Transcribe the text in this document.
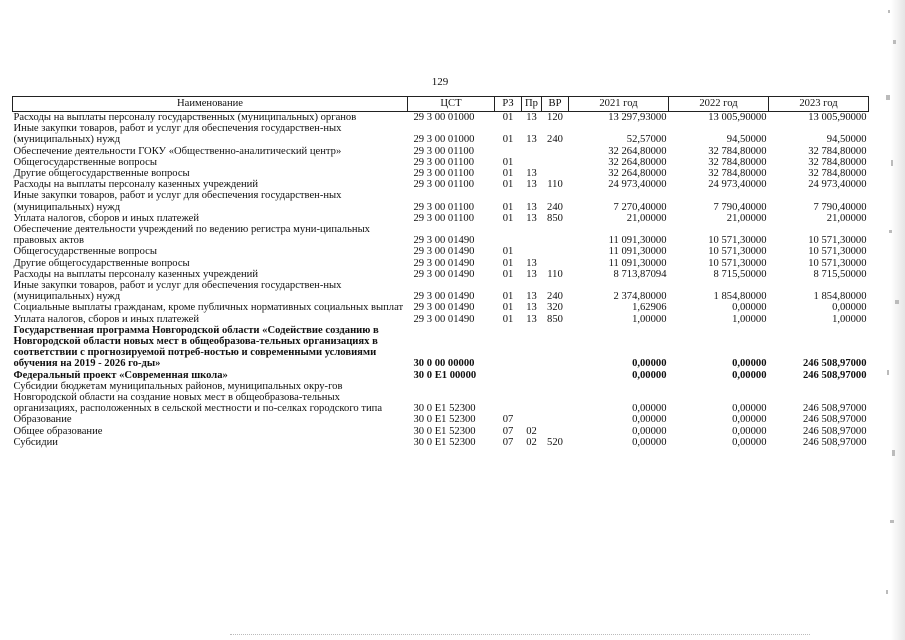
129
Наименование	ЦСТ	РЗ	Пр	ВР	2021 год	2022 год	2023 год
Расходы на выплаты персоналу государственных (муниципальных) органов	29 3 00 01000	01	13	120	13 297,93000	13 005,90000	13 005,90000
Иные закупки товаров, работ и услуг для обеспечения государствен-ных (муниципальных) нужд	29 3 00 01000	01	13	240	52,57000	94,50000	94,50000
Обеспечение деятельности ГОКУ «Общественно-аналитический центр»	29 3 00 01100				32 264,80000	32 784,80000	32 784,80000
Общегосударственные вопросы	29 3 00 01100	01			32 264,80000	32 784,80000	32 784,80000
Другие общегосударственные вопросы	29 3 00 01100	01	13		32 264,80000	32 784,80000	32 784,80000
Расходы на выплаты персоналу казенных учреждений	29 3 00 01100	01	13	110	24 973,40000	24 973,40000	24 973,40000
Иные закупки товаров, работ и услуг для обеспечения государствен-ных (муниципальных) нужд	29 3 00 01100	01	13	240	7 270,40000	7 790,40000	7 790,40000
Уплата налогов, сборов и иных платежей	29 3 00 01100	01	13	850	21,00000	21,00000	21,00000
Обеспечение деятельности учреждений по ведению регистра муни-ципальных правовых актов	29 3 00 01490				11 091,30000	10 571,30000	10 571,30000
Общегосударственные вопросы	29 3 00 01490	01			11 091,30000	10 571,30000	10 571,30000
Другие общегосударственные вопросы	29 3 00 01490	01	13		11 091,30000	10 571,30000	10 571,30000
Расходы на выплаты персоналу казенных учреждений	29 3 00 01490	01	13	110	8 713,87094	8 715,50000	8 715,50000
Иные закупки товаров, работ и услуг для обеспечения государствен-ных (муниципальных) нужд	29 3 00 01490	01	13	240	2 374,80000	1 854,80000	1 854,80000
Социальные выплаты гражданам, кроме публичных нормативных социальных выплат	29 3 00 01490	01	13	320	1,62906	0,00000	0,00000
Уплата налогов, сборов и иных платежей	29 3 00 01490	01	13	850	1,00000	1,00000	1,00000
Государственная программа Новгородской области «Содействие созданию в Новгородской области новых мест в общеобразова-тельных организациях в соответствии с прогнозируемой потреб-ностью и современными условиями обучения на 2019 - 2026 го-ды»	30 0 00 00000				0,00000	0,00000	246 508,97000
Федеральный проект «Современная школа»	30 0 E1 00000				0,00000	0,00000	246 508,97000
Субсидии бюджетам муниципальных районов, муниципальных окру-гов Новгородской области на создание новых мест в общеобразова-тельных организациях, расположенных в сельской местности и по-селках городского типа	30 0 E1 52300				0,00000	0,00000	246 508,97000
Образование	30 0 E1 52300	07			0,00000	0,00000	246 508,97000
Общее образование	30 0 E1 52300	07	02		0,00000	0,00000	246 508,97000
Субсидии	30 0 E1 52300	07	02	520	0,00000	0,00000	246 508,97000
